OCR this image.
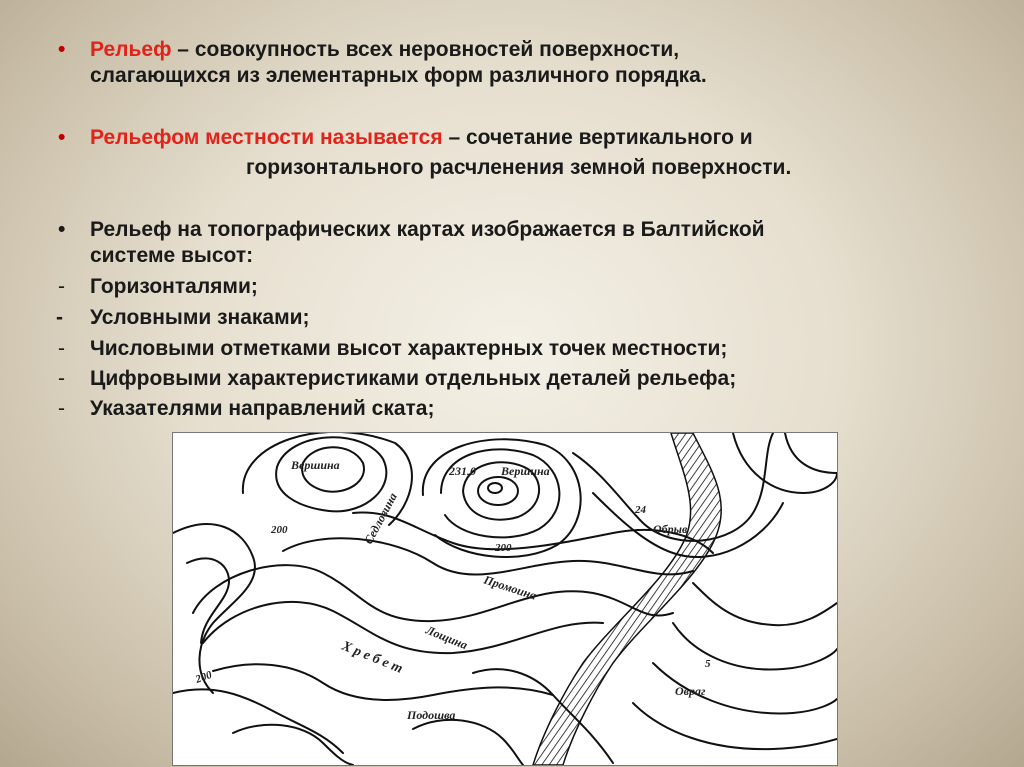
• Рельеф – совокупность всех неровностей поверхности,
слагающихся из элементарных форм различного порядка.
• Рельефом местности называется – сочетание вертикального и
горизонтального расчленения земной поверхности.
• Рельеф на топографических картах изображается в Балтийской
системе высот:
- Горизонталями;
- Условными знаками;
- Числовыми отметками высот характерных точек местности;
- Цифровыми характеристиками отдельных деталей рельефа;
- Указателями направлений ската;
Вершина	231,0 Вершина
Седловина
200
200
200
24
Обрыв
Промоина
Лощина
Х р е б е т	5
Овраг
Подошва
